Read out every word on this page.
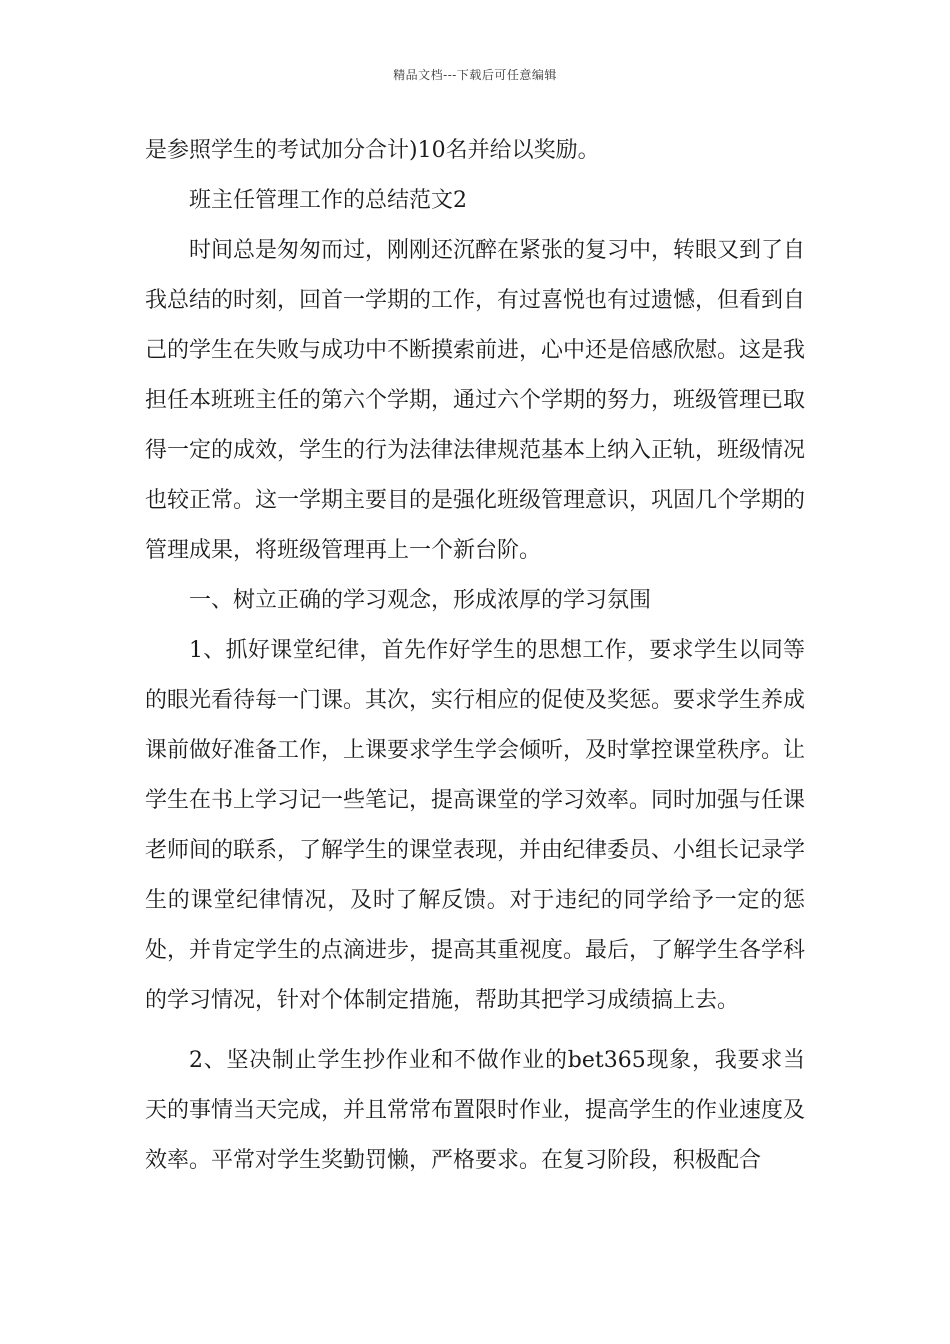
精品文档---下载后可任意编辑

是参照学生的考试加分合计)10名并给以奖励。

班主任管理工作的总结范文2

时间总是匆匆而过，刚刚还沉醉在紧张的复习中，转眼又到了自我总结的时刻，回首一学期的工作，有过喜悦也有过遗憾，但看到自己的学生在失败与成功中不断摸索前进，心中还是倍感欣慰。这是我担任本班班主任的第六个学期，通过六个学期的努力，班级管理已取得一定的成效，学生的行为法律法律规范基本上纳入正轨，班级情况也较正常。这一学期主要目的是强化班级管理意识，巩固几个学期的管理成果，将班级管理再上一个新台阶。

一、树立正确的学习观念，形成浓厚的学习氛围

1、抓好课堂纪律，首先作好学生的思想工作，要求学生以同等的眼光看待每一门课。其次，实行相应的促使及奖惩。要求学生养成课前做好准备工作，上课要求学生学会倾听，及时掌控课堂秩序。让学生在书上学习记一些笔记，提高课堂的学习效率。同时加强与任课老师间的联系，了解学生的课堂表现，并由纪律委员、小组长记录学生的课堂纪律情况，及时了解反馈。对于违纪的同学给予一定的惩处，并肯定学生的点滴进步，提高其重视度。最后，了解学生各学科的学习情况，针对个体制定措施，帮助其把学习成绩搞上去。

2、坚决制止学生抄作业和不做作业的bet365现象，我要求当天的事情当天完成，并且常常布置限时作业，提高学生的作业速度及效率。平常对学生奖勤罚懒，严格要求。在复习阶段，积极配合
